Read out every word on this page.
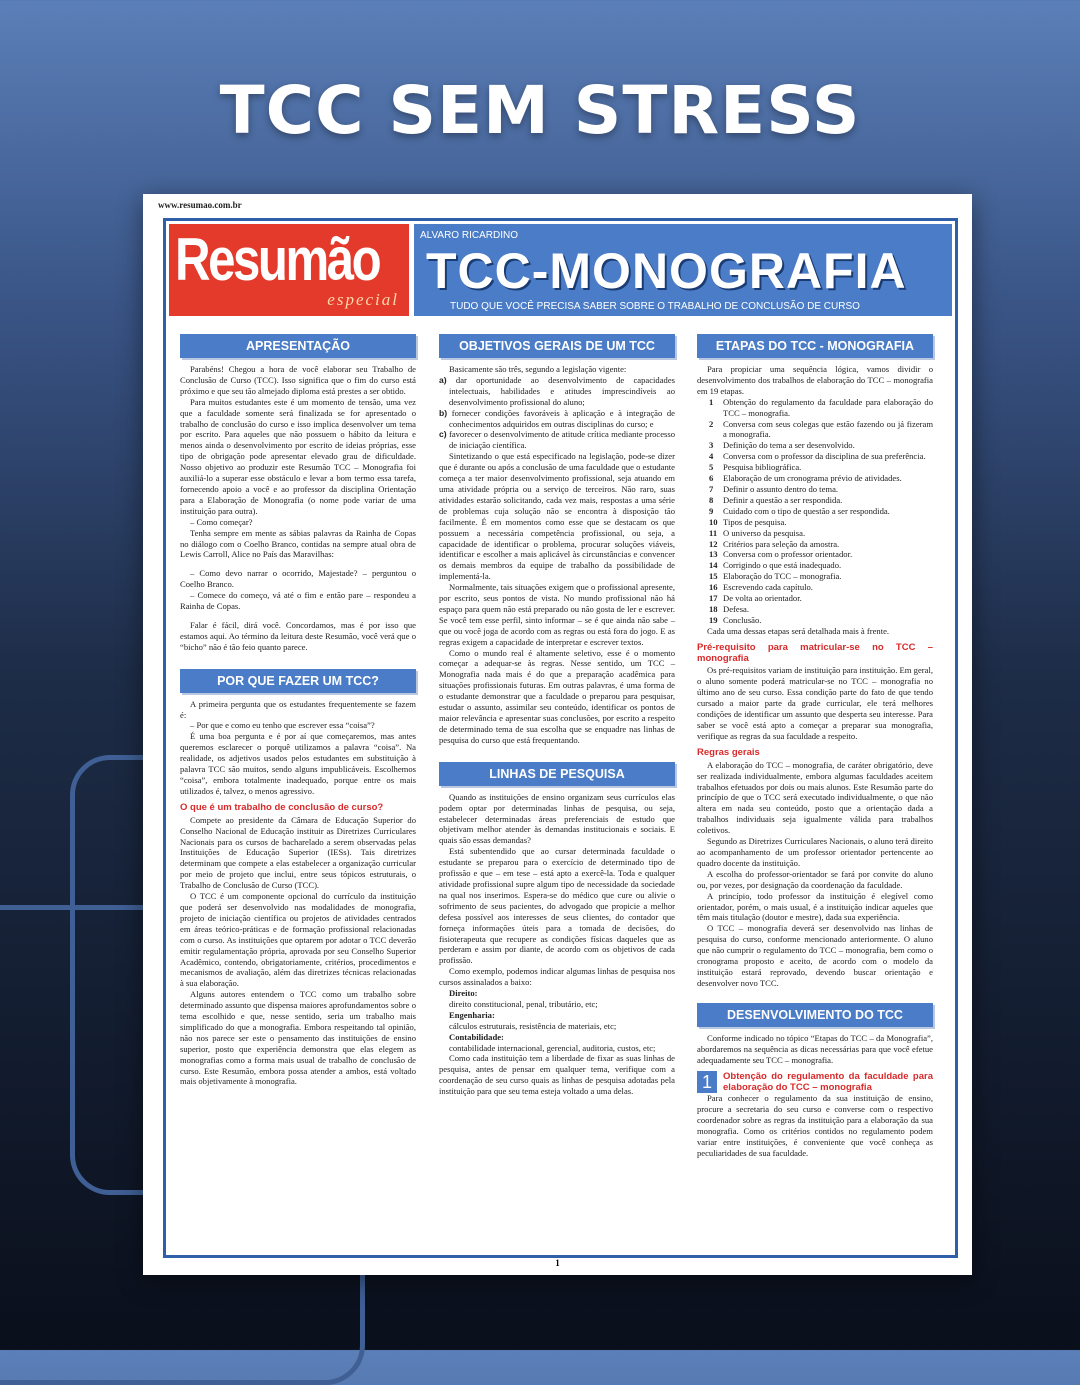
TCC SEM STRESS
www.resumao.com.br
Resumão
especial
ALVARO RICARDINO
TCC-MONOGRAFIA
TUDO QUE VOCÊ PRECISA SABER SOBRE O TRABALHO DE CONCLUSÃO DE CURSO
APRESENTAÇÃO

Parabéns! Chegou a hora de você elaborar seu Trabalho de Conclusão de Curso (TCC). Isso significa que o fim do curso está próximo e que seu tão almejado diploma está prestes a ser obtido.

Para muitos estudantes este é um momento de tensão, uma vez que a faculdade somente será finalizada se for apresentado o trabalho de conclusão do curso e isso implica desenvolver um tema por escrito. Para aqueles que não possuem o hábito da leitura e menos ainda o desenvolvimento por escrito de ideias próprias, esse tipo de obrigação pode apresentar elevado grau de dificuldade. Nosso objetivo ao produzir este Resumão TCC – Monografia foi auxiliá-lo a superar esse obstáculo e levar a bom termo essa tarefa, fornecendo apoio a você e ao professor da disciplina Orientação para a Elaboração de Monografia (o nome pode variar de uma instituição para outra).

– Como começar?

Tenha sempre em mente as sábias palavras da Rainha de Copas no diálogo com o Coelho Branco, contidas na sempre atual obra de Lewis Carroll, Alice no País das Maravilhas:

– Como devo narrar o ocorrido, Majestade? – perguntou o Coelho Branco.

– Comece do começo, vá até o fim e então pare – respondeu a Rainha de Copas.

Falar é fácil, dirá você. Concordamos, mas é por isso que estamos aqui. Ao término da leitura deste Resumão, você verá que o “bicho” não é tão feio quanto parece.

POR QUE FAZER UM TCC?

A primeira pergunta que os estudantes frequentemente se fazem é:

– Por que e como eu tenho que escrever essa “coisa”?

É uma boa pergunta e é por aí que começaremos, mas antes queremos esclarecer o porquê utilizamos a palavra “coisa”. Na realidade, os adjetivos usados pelos estudantes em substituição à palavra TCC são muitos, sendo alguns impublicáveis. Escolhemos “coisa”, embora totalmente inadequado, porque entre os mais utilizados é, talvez, o menos agressivo.

O que é um trabalho de conclusão de curso?

Compete ao presidente da Câmara de Educação Superior do Conselho Nacional de Educação instituir as Diretrizes Curriculares Nacionais para os cursos de bacharelado a serem observadas pelas Instituições de Educação Superior (IESs). Tais diretrizes determinam que compete a elas estabelecer a organização curricular por meio de projeto que inclui, entre seus tópicos estruturais, o Trabalho de Conclusão de Curso (TCC).

O TCC é um componente opcional do currículo da instituição que poderá ser desenvolvido nas modalidades de monografia, projeto de iniciação científica ou projetos de atividades centrados em áreas teórico-práticas e de formação profissional relacionadas com o curso. As instituições que optarem por adotar o TCC deverão emitir regulamentação própria, aprovada por seu Conselho Superior Acadêmico, contendo, obrigatoriamente, critérios, procedimentos e mecanismos de avaliação, além das diretrizes técnicas relacionadas à sua elaboração.

Alguns autores entendem o TCC como um trabalho sobre determinado assunto que dispensa maiores aprofundamentos sobre o tema escolhido e que, nesse sentido, seria um trabalho mais simplificado do que a monografia. Embora respeitando tal opinião, não nos parece ser este o pensamento das instituições de ensino superior, posto que experiência demonstra que elas elegem as monografias como a forma mais usual de trabalho de conclusão de curso. Este Resumão, embora possa atender a ambos, está voltado mais objetivamente à monografia.

OBJETIVOS GERAIS DE UM TCC

Basicamente são três, segundo a legislação vigente:

a) dar oportunidade ao desenvolvimento de capacidades intelectuais, habilidades e atitudes imprescindíveis ao desenvolvimento profissional do aluno;
b) fornecer condições favoráveis à aplicação e à integração de conhecimentos adquiridos em outras disciplinas do curso; e
c) favorecer o desenvolvimento de atitude crítica mediante processo de iniciação científica.

Sintetizando o que está especificado na legislação, pode-se dizer que é durante ou após a conclusão de uma faculdade que o estudante começa a ter maior desenvolvimento profissional, seja atuando em uma atividade própria ou a serviço de terceiros. Não raro, suas atividades estarão solicitando, cada vez mais, respostas a uma série de problemas cuja solução não se encontra à disposição tão facilmente. É em momentos como esse que se destacam os que possuem a necessária competência profissional, ou seja, a capacidade de identificar o problema, procurar soluções viáveis, identificar e escolher a mais aplicável às circunstâncias e convencer os demais membros da equipe de trabalho da possibilidade de implementá-la.

Normalmente, tais situações exigem que o profissional apresente, por escrito, seus pontos de vista. No mundo profissional não há espaço para quem não está preparado ou não gosta de ler e escrever. Se você tem esse perfil, sinto informar – se é que ainda não sabe – que ou você joga de acordo com as regras ou está fora do jogo. E as regras exigem a capacidade de interpretar e escrever textos.

Como o mundo real é altamente seletivo, esse é o momento começar a adequar-se às regras. Nesse sentido, um TCC – Monografia nada mais é do que a preparação acadêmica para situações profissionais futuras. Em outras palavras, é uma forma de o estudante demonstrar que a faculdade o preparou para pesquisar, estudar o assunto, assimilar seu conteúdo, identificar os pontos de maior relevância e apresentar suas conclusões, por escrito a respeito de determinado tema de sua escolha que se enquadre nas linhas de pesquisa do curso que está frequentando.

LINHAS DE PESQUISA

Quando as instituições de ensino organizam seus currículos elas podem optar por determinadas linhas de pesquisa, ou seja, estabelecer determinadas áreas preferenciais de estudo que objetivam melhor atender às demandas institucionais e sociais. E quais são essas demandas?

Está subentendido que ao cursar determinada faculdade o estudante se preparou para o exercício de determinado tipo de profissão e que – em tese – está apto a exercê-la. Toda e qualquer atividade profissional supre algum tipo de necessidade da sociedade na qual nos inserimos. Espera-se do médico que cure ou alivie o sofrimento de seus pacientes, do advogado que propicie a melhor defesa possível aos interesses de seus clientes, do contador que forneça informações úteis para a tomada de decisões, do fisioterapeuta que recupere as condições físicas daqueles que as perderam e assim por diante, de acordo com os objetivos de cada profissão.

Como exemplo, podemos indicar algumas linhas de pesquisa nos cursos assinalados a baixo:

Direito:

direito constitucional, penal, tributário, etc;

Engenharia:

cálculos estruturais, resistência de materiais, etc;

Contabilidade:

contabilidade internacional, gerencial, auditoria, custos, etc;

Como cada instituição tem a liberdade de fixar as suas linhas de pesquisa, antes de pensar em qualquer tema, verifique com a coordenação de seu curso quais as linhas de pesquisa adotadas pela instituição para que seu tema esteja voltado a uma delas.

ETAPAS DO TCC - MONOGRAFIA

Para propiciar uma sequência lógica, vamos dividir o desenvolvimento dos trabalhos de elaboração do TCC – monografia em 19 etapas.

1	Obtenção do regulamento da faculdade para elaboração do TCC – monografia.
2	Conversa com seus colegas que estão fazendo ou já fizeram a monografia.
3	Definição do tema a ser desenvolvido.
4	Conversa com o professor da disciplina de sua preferência.
5	Pesquisa bibliográfica.
6	Elaboração de um cronograma prévio de atividades.
7	Definir o assunto dentro do tema.
8	Definir a questão a ser respondida.
9	Cuidado com o tipo de questão a ser respondida.
10 Tipos de pesquisa.
11 O universo da pesquisa.
12 Critérios para seleção da amostra.
13 Conversa com o professor orientador.
14 Corrigindo o que está inadequado.
15 Elaboração do TCC – monografia.
16 Escrevendo cada capítulo.
17 De volta ao orientador.
18 Defesa.
19 Conclusão.

Cada uma dessas etapas será detalhada mais à frente.

Pré-requisito para matricular-se no TCC – monografia

Os pré-requisitos variam de instituição para instituição. Em geral, o aluno somente poderá matricular-se no TCC – monografia no último ano de seu curso. Essa condição parte do fato de que tendo cursado a maior parte da grade curricular, ele terá melhores condições de identificar um assunto que desperta seu interesse. Para saber se você está apto a começar a preparar sua monografia, verifique as regras da sua faculdade a respeito.

Regras gerais

A elaboração do TCC – monografia, de caráter obrigatório, deve ser realizada individualmente, embora algumas faculdades aceitem trabalhos efetuados por dois ou mais alunos. Este Resumão parte do princípio de que o TCC será executado individualmente, o que não altera em nada seu conteúdo, posto que a orientação dada a trabalhos individuais seja igualmente válida para trabalhos coletivos.

Segundo as Diretrizes Curriculares Nacionais, o aluno terá direito ao acompanhamento de um professor orientador pertencente ao quadro docente da instituição.

A escolha do professor-orientador se fará por convite do aluno ou, por vezes, por designação da coordenação da faculdade.

A princípio, todo professor da instituição é elegível como orientador, porém, o mais usual, é a instituição indicar aqueles que têm mais titulação (doutor e mestre), dada sua experiência.

O TCC – monografia deverá ser desenvolvido nas linhas de pesquisa do curso, conforme mencionado anteriormente. O aluno que não cumprir o regulamento do TCC – monografia, bem como o cronograma proposto e aceito, de acordo com o modelo da instituição estará reprovado, devendo buscar orientação e desenvolver novo TCC.

DESENVOLVIMENTO DO TCC

Conforme indicado no tópico “Etapas do TCC – da Monografia”, abordaremos na sequência as dicas necessárias para que você efetue adequadamente seu TCC – monografia.

1	Obtenção do regulamento da faculdade para elaboração do TCC – monografia

Para conhecer o regulamento da sua instituição de ensino, procure a secretaria do seu curso e converse com o respectivo coordenador sobre as regras da instituição para a elaboração da sua monografia. Como os critérios contidos no regulamento podem variar entre instituições, é conveniente que você conheça as peculiaridades de sua faculdade.

1
